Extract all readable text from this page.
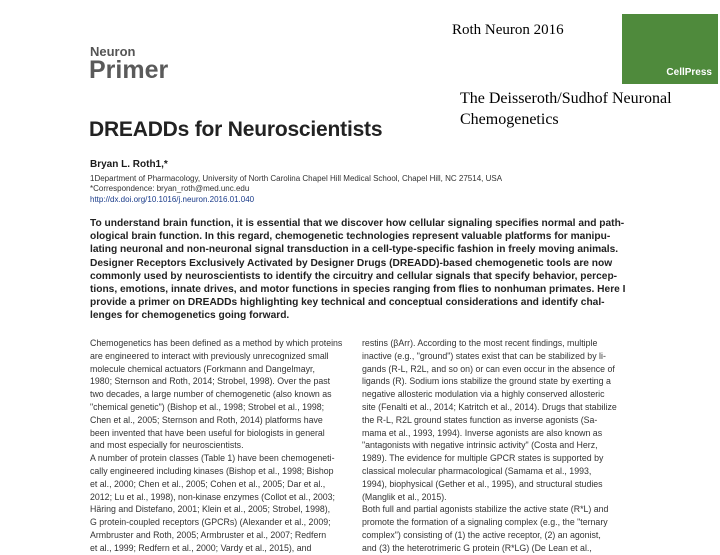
Roth Neuron 2016
The Deisseroth/Sudhof Neuronal Chemogenetics
CellPress
Neuron
Primer
DREADDs for Neuroscientists
Bryan L. Roth1,*
1Department of Pharmacology, University of North Carolina Chapel Hill Medical School, Chapel Hill, NC 27514, USA
*Correspondence: bryan_roth@med.unc.edu
http://dx.doi.org/10.1016/j.neuron.2016.01.040
To understand brain function, it is essential that we discover how cellular signaling specifies normal and path-
ological brain function. In this regard, chemogenetic technologies represent valuable platforms for manipu-
lating neuronal and non-neuronal signal transduction in a cell-type-specific fashion in freely moving animals.
Designer Receptors Exclusively Activated by Designer Drugs (DREADD)-based chemogenetic tools are now
commonly used by neuroscientists to identify the circuitry and cellular signals that specify behavior, percep-
tions, emotions, innate drives, and motor functions in species ranging from flies to nonhuman primates. Here I
provide a primer on DREADDs highlighting key technical and conceptual considerations and identify chal-
lenges for chemogenetics going forward.
Chemogenetics has been defined as a method by which proteins
are engineered to interact with previously unrecognized small
molecule chemical actuators (Forkmann and Dangelmayr,
1980; Sternson and Roth, 2014; Strobel, 1998). Over the past
two decades, a large number of chemogenetic (also known as
"chemical genetic") (Bishop et al., 1998; Strobel et al., 1998;
Chen et al., 2005; Sternson and Roth, 2014) platforms have
been invented that have been useful for biologists in general
and most especially for neuroscientists.
A number of protein classes (Table 1) have been chemogeneti-
cally engineered including kinases (Bishop et al., 1998; Bishop
et al., 2000; Chen et al., 2005; Cohen et al., 2005; Dar et al.,
2012; Lu et al., 1998), non-kinase enzymes (Collot et al., 2003;
Häring and Distefano, 2001; Klein et al., 2005; Strobel, 1998),
G protein-coupled receptors (GPCRs) (Alexander et al., 2009;
Armbruster and Roth, 2005; Armbruster et al., 2007; Redfern
et al., 1999; Redfern et al., 2000; Vardy et al., 2015), and
restins (βArr). According to the most recent findings, multiple
inactive (e.g., "ground") states exist that can be stabilized by li-
gands (R-L, R2L, and so on) or can even occur in the absence of
ligands (R). Sodium ions stabilize the ground state by exerting a
negative allosteric modulation via a highly conserved allosteric
site (Fenalti et al., 2014; Katritch et al., 2014). Drugs that stabilize
the R-L, R2L ground states function as inverse agonists (Sa-
mama et al., 1993, 1994). Inverse agonists are also known as
"antagonists with negative intrinsic activity" (Costa and Herz,
1989). The evidence for multiple GPCR states is supported by
classical molecular pharmacological (Samama et al., 1993,
1994), biophysical (Gether et al., 1995), and structural studies
(Manglik et al., 2015).
Both full and partial agonists stabilize the active state (R*L) and
promote the formation of a signaling complex (e.g., the "ternary
complex") consisting of (1) the active receptor, (2) an agonist,
and (3) the heterotrimeric G protein (R*LG) (De Lean et al.,
